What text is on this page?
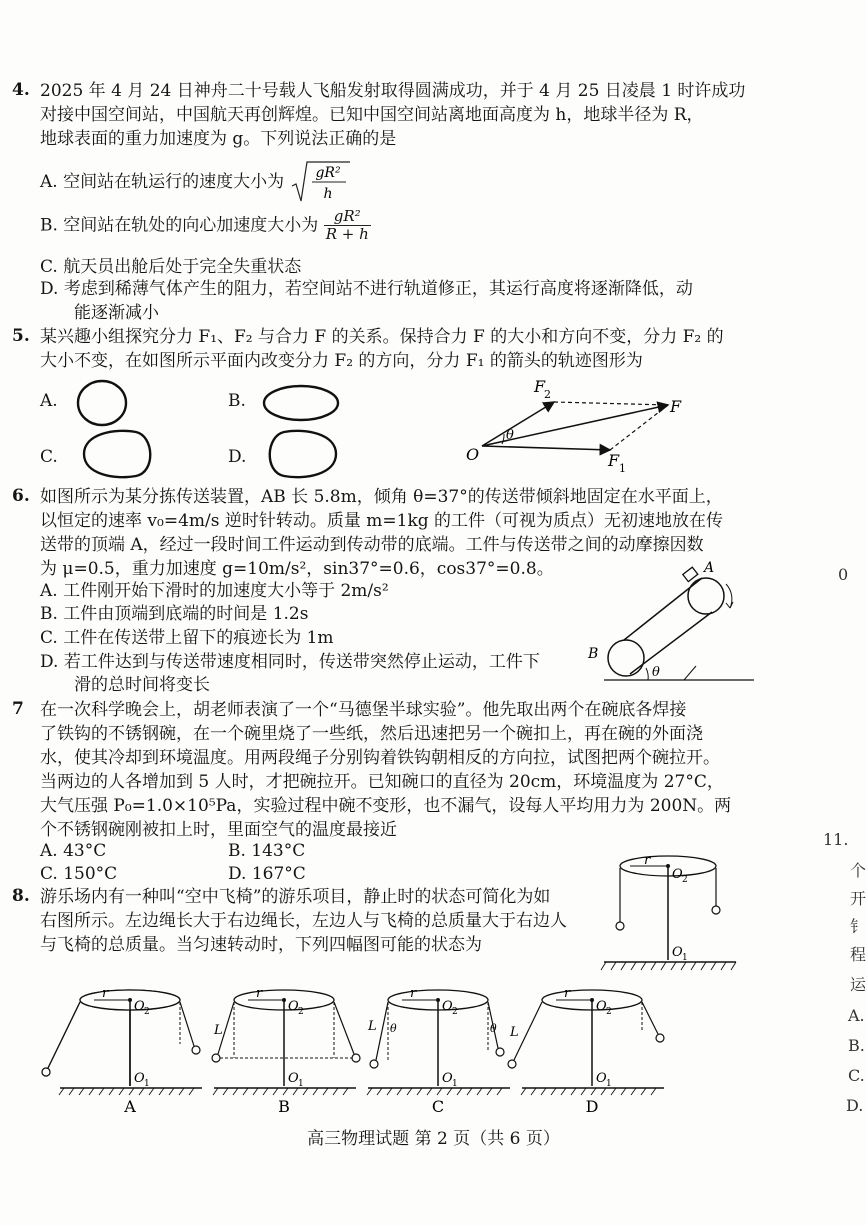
4. 2025 年 4 月 24 日神舟二十号载人飞船发射取得圆满成功，并于 4 月 25 日凌晨 1 时许成功
对接中国空间站，中国航天再创辉煌。已知中国空间站离地面高度为 h，地球半径为 R，
地球表面的重力加速度为 g。下列说法正确的是
A. 空间站在轨运行的速度大小为 gR²
h
B. 空间站在轨处的向心加速度大小为 $\frac{\text{gR²}}{R + h}$
C. 航天员出舱后处于完全失重状态
D. 考虑到稀薄气体产生的阻力，若空间站不进行轨道修正，其运行高度将逐渐降低，动
能逐渐减小
5. 某兴趣小组探究分力 F₁、F₂ 与合力 F 的关系。保持合力 F 的大小和方向不变，分力 F₂ 的
大小不变，在如图所示平面内改变分力 F₂ 的方向，分力 F₁ 的箭头的轨迹图形为
A.	B.
C.	D.
θ
F
2
F
F 1
O
6. 如图所示为某分拣传送装置，AB 长 5.8m，倾角 θ=37°的传送带倾斜地固定在水平面上，
以恒定的速率 v₀=4m/s 逆时针转动。质量 m=1kg 的工件（可视为质点）无初速地放在传
送带的顶端 A，经过一段时间工件运动到传动带的底端。工件与传送带之间的动摩擦因数
为 μ=0.5，重力加速度 g=10m/s²，sin37°=0.6，cos37°=0.8。
A. 工件刚开始下滑时的加速度大小等于 2m/s²
B. 工件由顶端到底端的时间是 1.2s
C. 工件在传送带上留下的痕迹长为 1m
D. 若工件达到与传送带速度相同时，传送带突然停止运动，工件下
滑的总时间将变长
θ
A
B
7 在一次科学晚会上，胡老师表演了一个“马德堡半球实验”。他先取出两个在碗底各焊接
了铁钩的不锈钢碗，在一个碗里烧了一些纸，然后迅速把另一个碗扣上，再在碗的外面浇
水，使其冷却到环境温度。用两段绳子分别钩着铁钩朝相反的方向拉，试图把两个碗拉开。
当两边的人各增加到 5 人时，才把碗拉开。已知碗口的直径为 20cm，环境温度为 27°C，
大气压强 P₀=1.0×10⁵Pa，实验过程中碗不变形，也不漏气，设每人平均用力为 200N。两
个不锈钢碗刚被扣上时，里面空气的温度最接近
A. 43°C	B. 143°C
C. 150°C	D. 167°C
8. 游乐场内有一种叫“空中飞椅”的游乐项目，静止时的状态可简化为如
右图所示。左边绳长大于右边绳长，左边人与飞椅的总质量大于右边人
与飞椅的总质量。当匀速转动时，下列四幅图可能的状态为
r
O 2
O 1
r
O 2
O 1
A
L
r
O 2
O 1
B
L θ	θ
r
O 2
O 1
C
L
r
O 2
O 1
D
高三物理试题 第 2 页（共 6 页）
0
11.
个
开
钅
程
运
A.
B.
C.
D.
